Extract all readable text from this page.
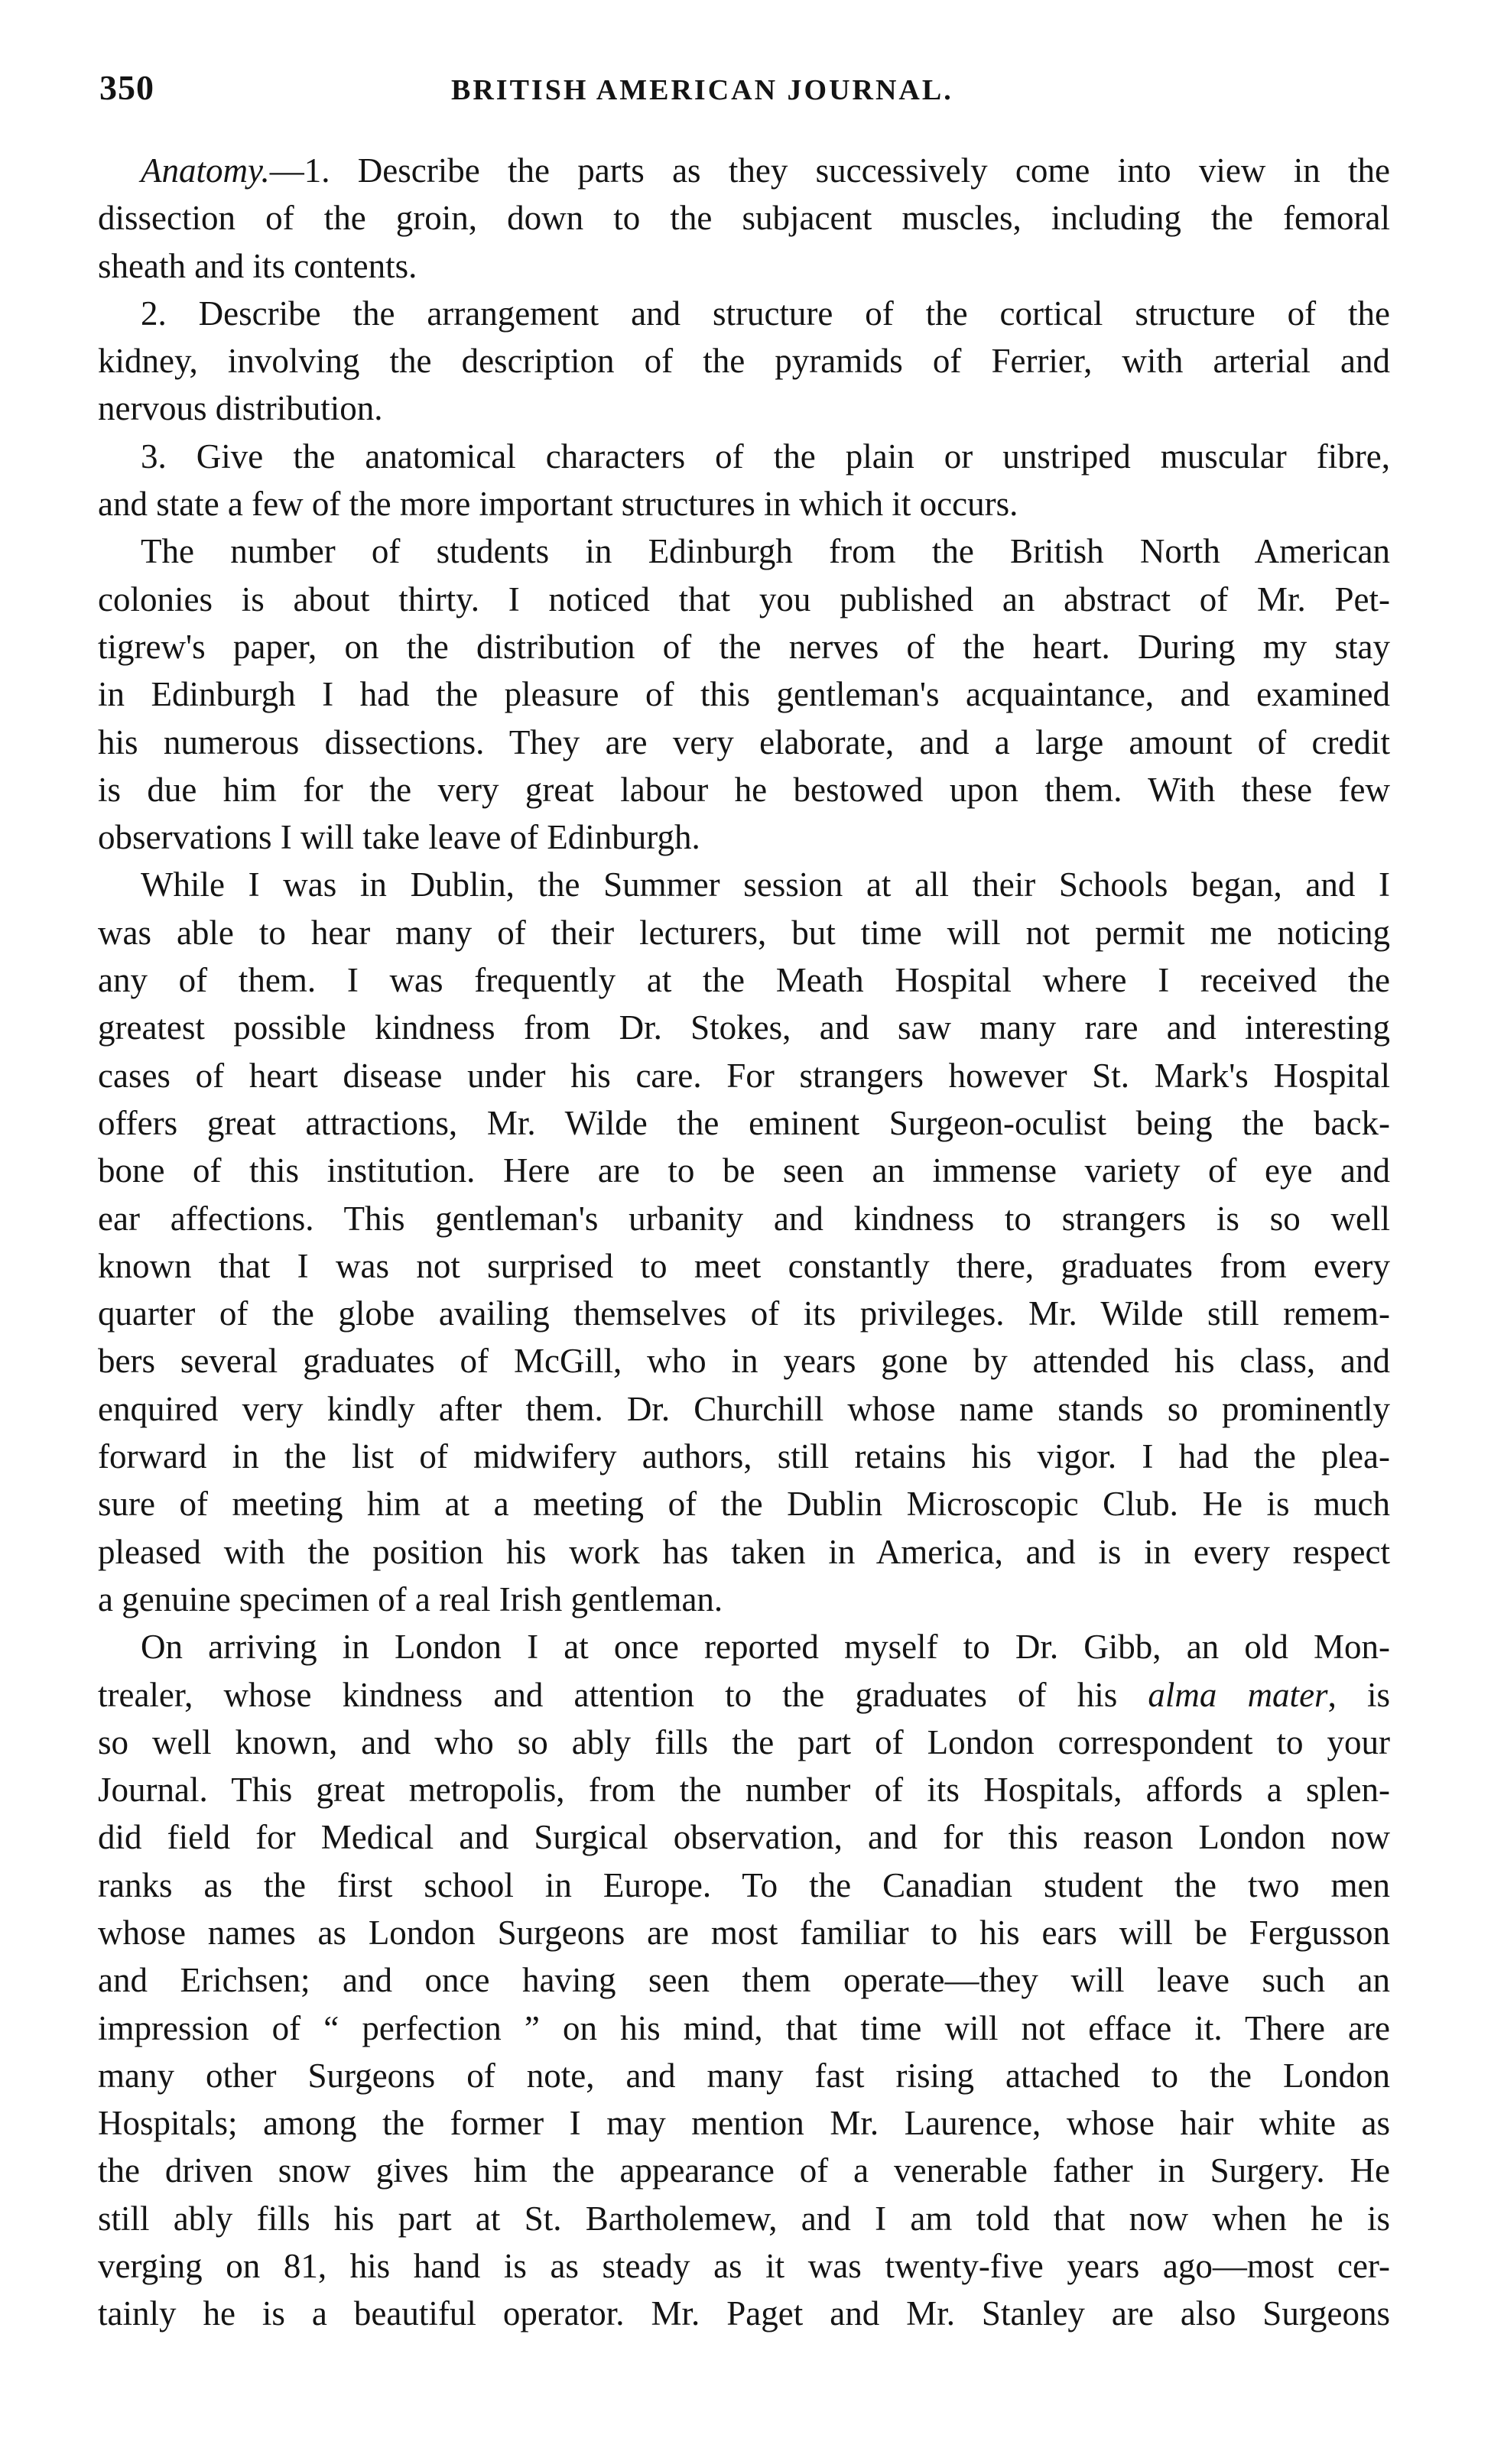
350	BRITISH AMERICAN JOURNAL.
Anatomy.—1. Describe the parts as they successively come into view in the
dissection of the groin, down to the subjacent muscles, including the femoral
sheath and its contents.
2. Describe the arrangement and structure of the cortical structure of the
kidney, involving the description of the pyramids of Ferrier, with arterial and
nervous distribution.
3. Give the anatomical characters of the plain or unstriped muscular fibre,
and state a few of the more important structures in which it occurs.
The number of students in Edinburgh from the British North American
colonies is about thirty. I noticed that you published an abstract of Mr. Pet-
tigrew's paper, on the distribution of the nerves of the heart. During my stay
in Edinburgh I had the pleasure of this gentleman's acquaintance, and examined
his numerous dissections. They are very elaborate, and a large amount of credit
is due him for the very great labour he bestowed upon them. With these few
observations I will take leave of Edinburgh.
While I was in Dublin, the Summer session at all their Schools began, and I
was able to hear many of their lecturers, but time will not permit me noticing
any of them. I was frequently at the Meath Hospital where I received the
greatest possible kindness from Dr. Stokes, and saw many rare and interesting
cases of heart disease under his care. For strangers however St. Mark's Hospital
offers great attractions, Mr. Wilde the eminent Surgeon-oculist being the back-
bone of this institution. Here are to be seen an immense variety of eye and
ear affections. This gentleman's urbanity and kindness to strangers is so well
known that I was not surprised to meet constantly there, graduates from every
quarter of the globe availing themselves of its privileges. Mr. Wilde still remem-
bers several graduates of McGill, who in years gone by attended his class, and
enquired very kindly after them. Dr. Churchill whose name stands so prominently
forward in the list of midwifery authors, still retains his vigor. I had the plea-
sure of meeting him at a meeting of the Dublin Microscopic Club. He is much
pleased with the position his work has taken in America, and is in every respect
a genuine specimen of a real Irish gentleman.
On arriving in London I at once reported myself to Dr. Gibb, an old Mon-
trealer, whose kindness and attention to the graduates of his alma mater, is
so well known, and who so ably fills the part of London correspondent to your
Journal. This great metropolis, from the number of its Hospitals, affords a splen-
did field for Medical and Surgical observation, and for this reason London now
ranks as the first school in Europe. To the Canadian student the two men
whose names as London Surgeons are most familiar to his ears will be Fergusson
and Erichsen; and once having seen them operate—they will leave such an
impression of “ perfection ” on his mind, that time will not efface it. There are
many other Surgeons of note, and many fast rising attached to the London
Hospitals; among the former I may mention Mr. Laurence, whose hair white as
the driven snow gives him the appearance of a venerable father in Surgery. He
still ably fills his part at St. Bartholemew, and I am told that now when he is
verging on 81, his hand is as steady as it was twenty-five years ago—most cer-
tainly he is a beautiful operator. Mr. Paget and Mr. Stanley are also Surgeons
